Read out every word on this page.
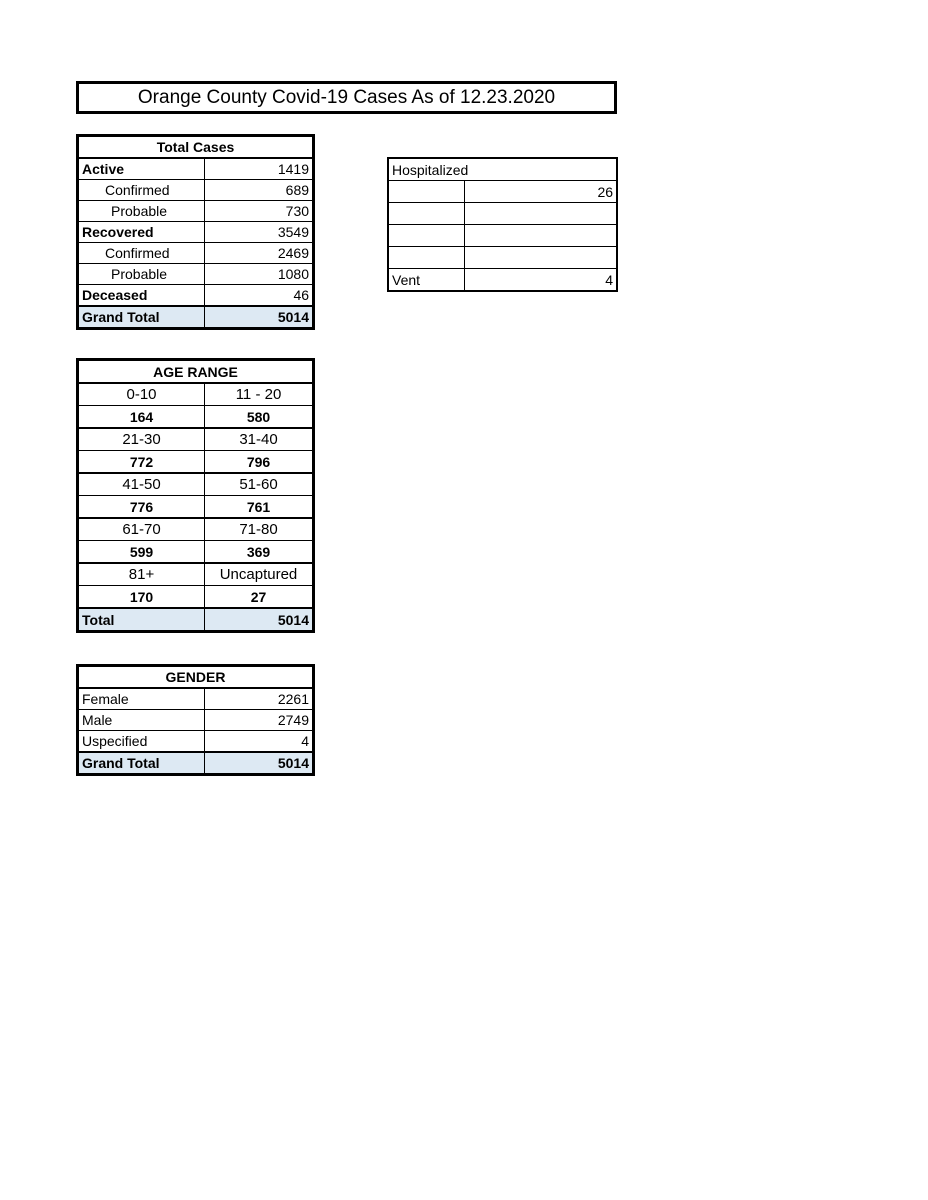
Orange County Covid-19 Cases As of 12.23.2020
Total Cases	
Active	1419
Confirmed	689
Probable	730
Recovered	3549
Confirmed	2469
Probable	1080
Deceased	46
Grand Total	5014
Hospitalized	
	26

Vent	4
AGE RANGE	
0-10	11 - 20
164	580
21-30	31-40
772	796
41-50	51-60
776	761
61-70	71-80
599	369
81+	Uncaptured
170	27
Total	5014
GENDER	
Female	2261
Male	2749
Uspecified	4
Grand Total	5014
